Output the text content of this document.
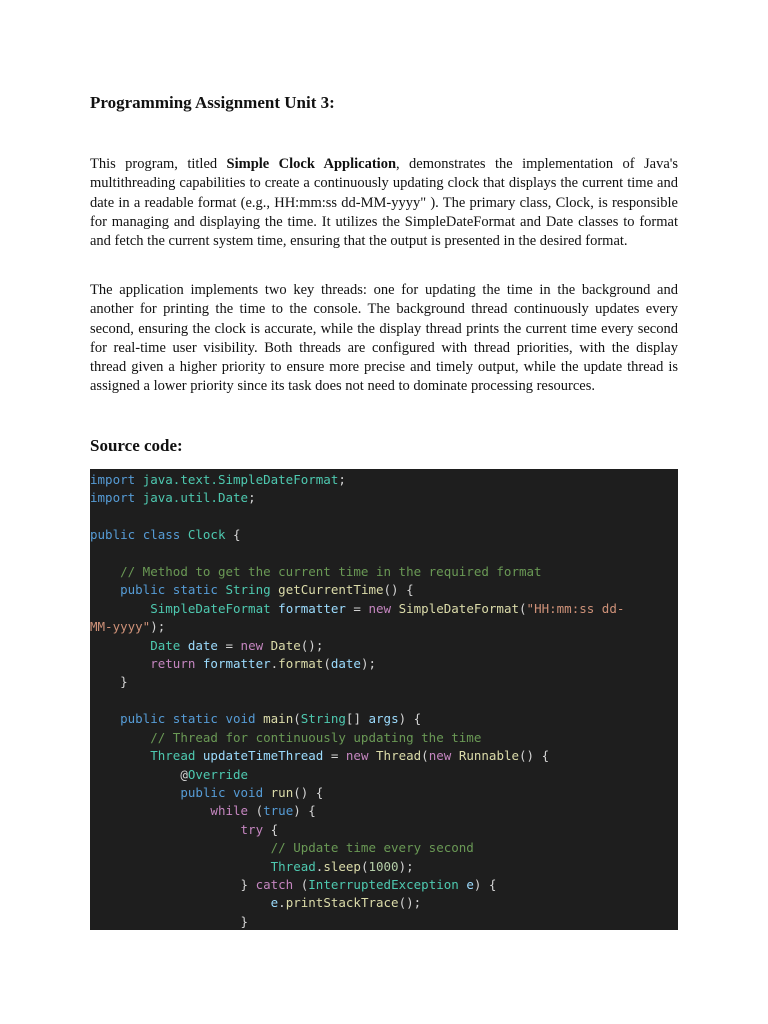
Programming Assignment Unit 3:

This program, titled Simple Clock Application, demonstrates the implementation of Java's multithreading capabilities to create a continuously updating clock that displays the current time and date in a readable format (e.g., HH:mm:ss dd-MM-yyyy" ). The primary class, Clock, is responsible for managing and displaying the time. It utilizes the SimpleDateFormat and Date classes to format and fetch the current system time, ensuring that the output is presented in the desired format.

The application implements two key threads: one for updating the time in the background and another for printing the time to the console. The background thread continuously updates every second, ensuring the clock is accurate, while the display thread prints the current time every second for real-time user visibility. Both threads are configured with thread priorities, with the display thread given a higher priority to ensure more precise and timely output, while the update thread is assigned a lower priority since its task does not need to dominate processing resources.

Source code:
import java.text.SimpleDateFormat;
import java.util.Date;

public class Clock {

// Method to get the current time in the required format
public static String getCurrentTime() {
SimpleDateFormat formatter = new SimpleDateFormat("HH:mm:ss dd-
MM-yyyy");
Date date = new Date();
return formatter.format(date);
}

public static void main(String[] args) {
// Thread for continuously updating the time
Thread updateTimeThread = new Thread(new Runnable() {
@Override
public void run() {
while (true) {
try {
// Update time every second
Thread.sleep(1000);
} catch (InterruptedException e) {
e.printStackTrace();
}
